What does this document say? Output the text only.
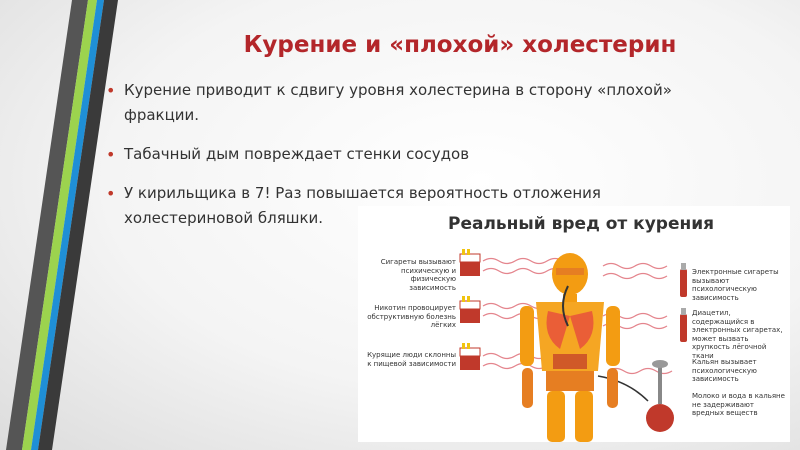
Курение и «плохой» холестерин
• Курение приводит к сдвигу уровня холестерина в сторону «плохой» фракции.
• Табачный дым повреждает стенки сосудов
• У кирильщика в 7! Раз повышается вероятность отложения холестериновой бляшки.	Реальный вред от курения
Сигареты вызывают психическую и физическую зависимость
Никотин провоцирует обструктивную болезнь лёгких
Курящие люди склонны к пищевой зависимости
Электронные сигареты вызывают психологическую зависимость
Диацетил, содержащийся в электронных сигаретах, может вызвать хрупкость лёгочной ткани
Кальян вызывает психологическую зависимость
Молоко и вода в кальяне не задерживают вредных веществ
